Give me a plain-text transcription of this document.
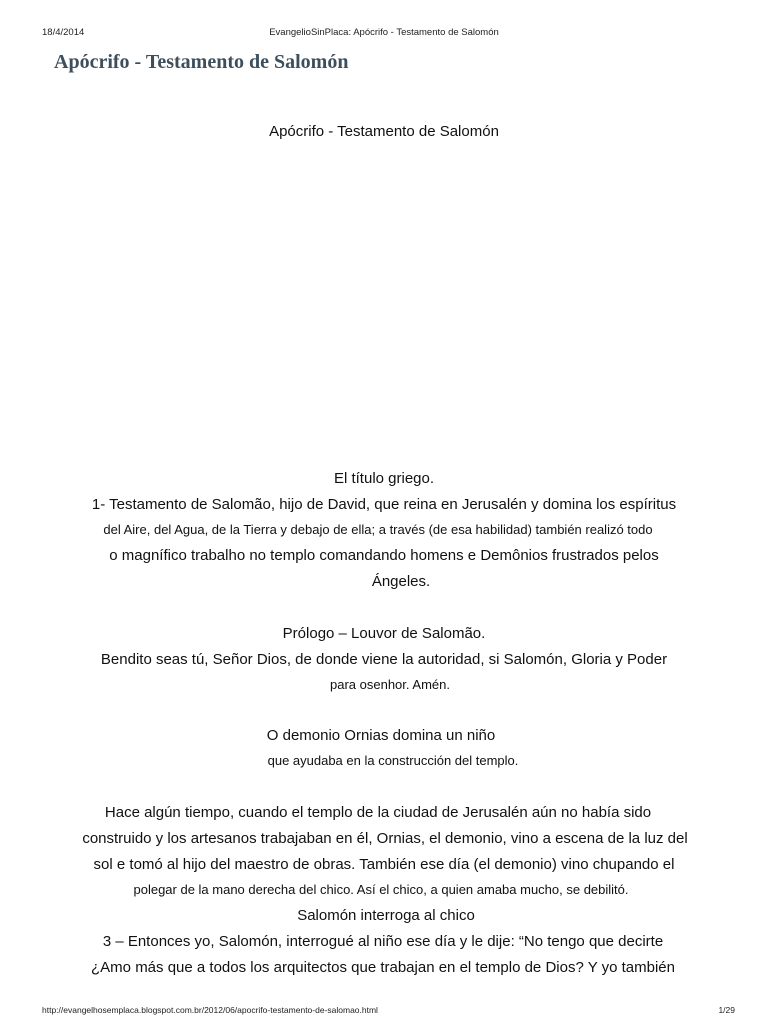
18/4/2014	EvangelioSinPlaca: Apócrifo - Testamento de Salomón
Apócrifo - Testamento de Salomón
Apócrifo - Testamento de Salomón
El título griego.
1- Testamento de Salomão, hijo de David, que reina en Jerusalén y domina los espíritus
del Aire, del Agua, de la Tierra y debajo de ella; a través (de esa habilidad) también realizó todo
o magnífico trabalho no templo comandando homens e Demônios frustrados pelos
Ángeles.
Prólogo – Louvor de Salomão.
Bendito seas tú, Señor Dios, de donde viene la autoridad, si Salomón, Gloria y Poder
para osenhor. Amén.
O demonio Ornias domina un niño
que ayudaba en la construcción del templo.
Hace algún tiempo, cuando el templo de la ciudad de Jerusalén aún no había sido
construido y los artesanos trabajaban en él, Ornias, el demonio, vino a escena de la luz del
sol e tomó al hijo del maestro de obras. También ese día (el demonio) vino chupando el
polegar de la mano derecha del chico. Así el chico, a quien amaba mucho, se debilitó.
Salomón interroga al chico
3 – Entonces yo, Salomón, interrogué al niño ese día y le dije: “No tengo que decirte
¿Amo más que a todos los arquitectos que trabajan en el templo de Dios? Y yo también
http://evangelhosemplaca.blogspot.com.br/2012/06/apocrifo-testamento-de-salomao.html	1/29
